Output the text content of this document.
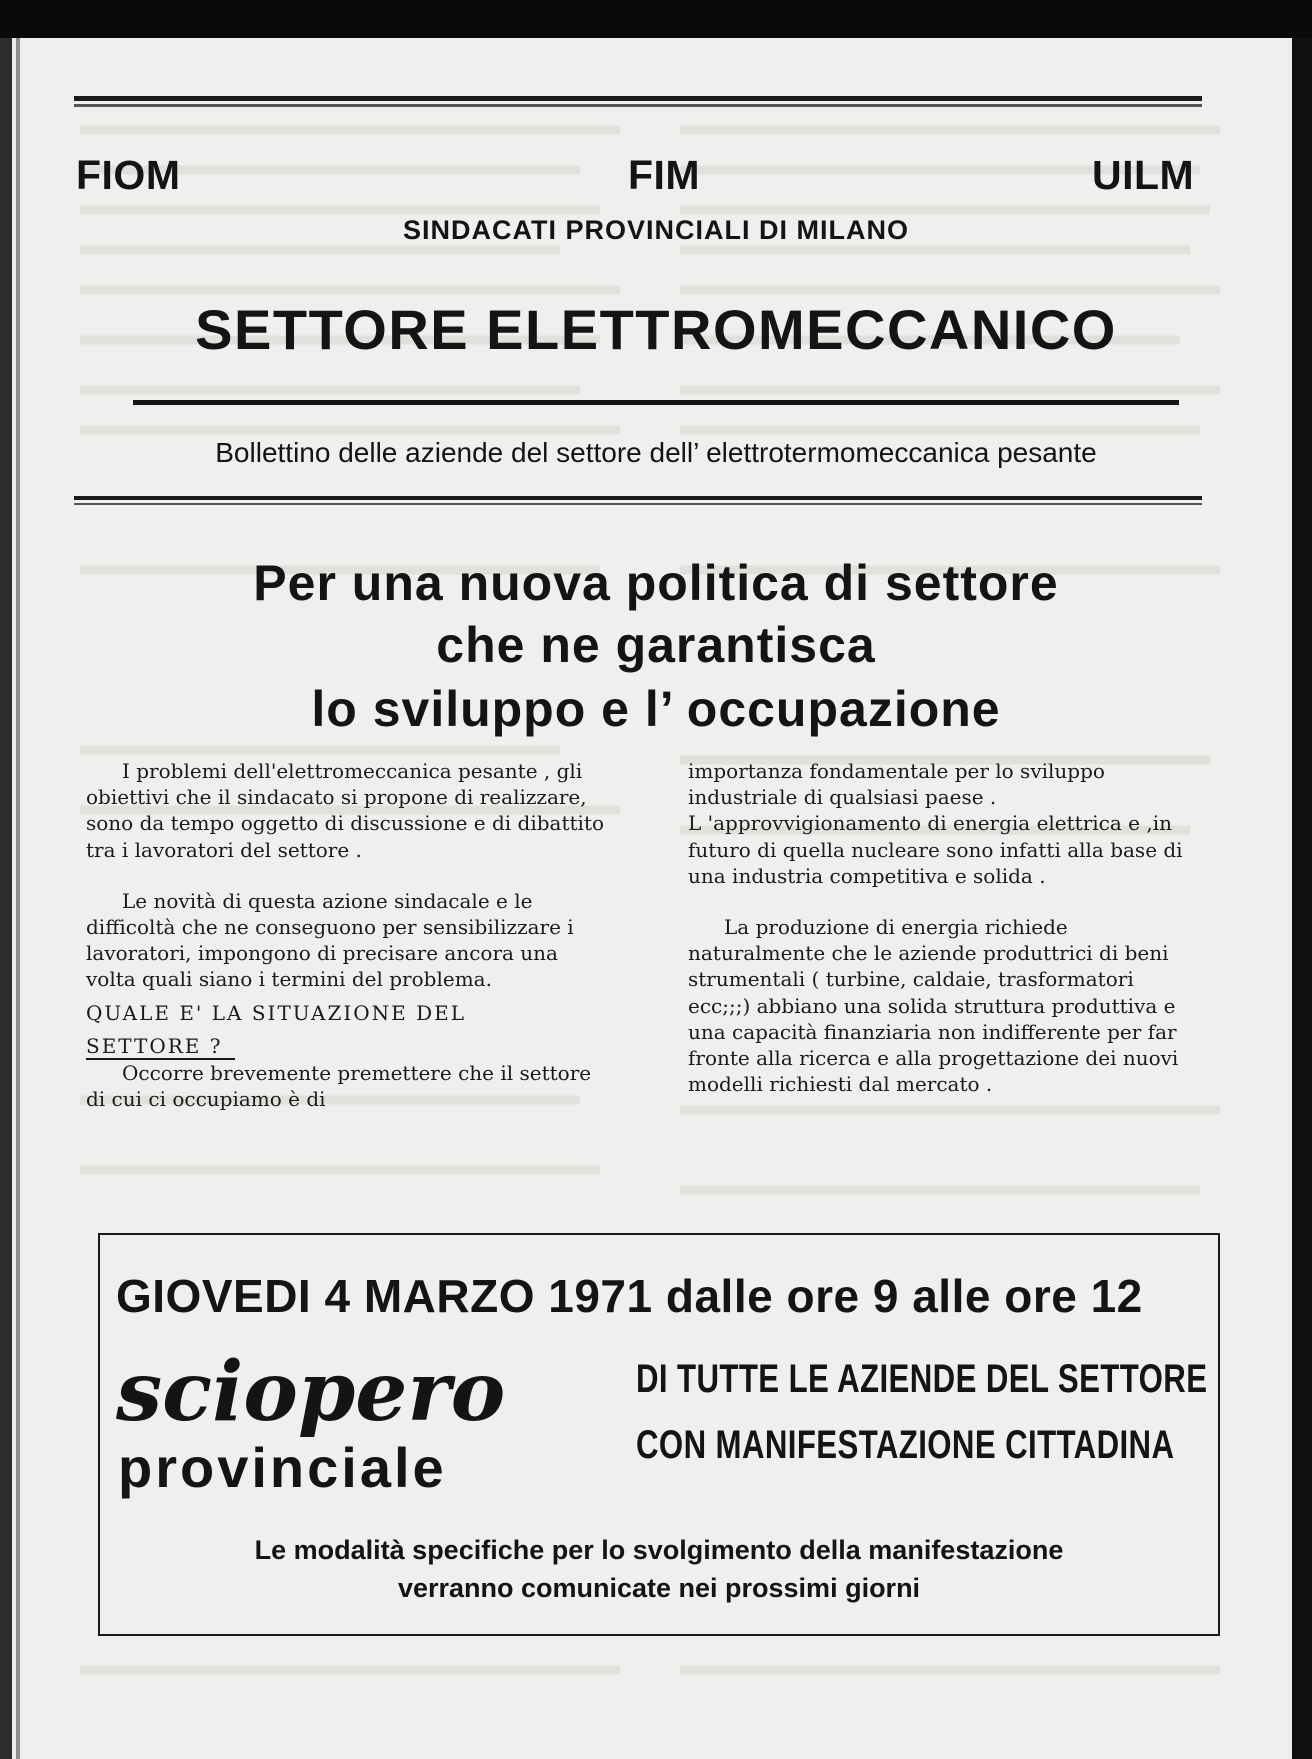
FIOM	FIM	UILM
SINDACATI PROVINCIALI DI MILANO
SETTORE ELETTROMECCANICO
Bollettino delle aziende del settore dell’ elettrotermomeccanica pesante
Per una nuova politica di settore
che ne garantisca
lo sviluppo e l’ occupazione

I problemi dell'elettromeccanica pesante , gli obiettivi che il sindacato si propone di realizzare, sono da tempo oggetto di discussione e di dibattito tra i lavoratori del settore .

Le novità di questa azione sindacale e le difficoltà che ne conseguono per sensibilizzare i lavoratori, impongono di precisare ancora una volta quali siano i termini del problema.

QUALE E' LA SITUAZIONE DEL
SETTORE ?

Occorre brevemente premettere che il settore di cui ci occupiamo è di

importanza fondamentale per lo sviluppo industriale di qualsiasi paese .

L 'approvvigionamento di energia elettrica e ,in futuro di quella nucleare sono infatti alla base di una industria competitiva e solida .

La produzione di energia richiede naturalmente che le aziende produttrici di beni strumentali ( turbine, caldaie, trasformatori ecc;;;) abbiano una solida struttura produttiva e una capacità finanziaria non indifferente per far fronte alla ricerca e alla progettazione dei nuovi modelli richiesti dal mercato .

GIOVEDI 4 MARZO 1971 dalle ore 9 alle ore 12
sciopero
provinciale
DI TUTTE LE AZIENDE DEL SETTORE
CON MANIFESTAZIONE CITTADINA
Le modalità specifiche per lo svolgimento della manifestazione
verranno comunicate nei prossimi giorni
